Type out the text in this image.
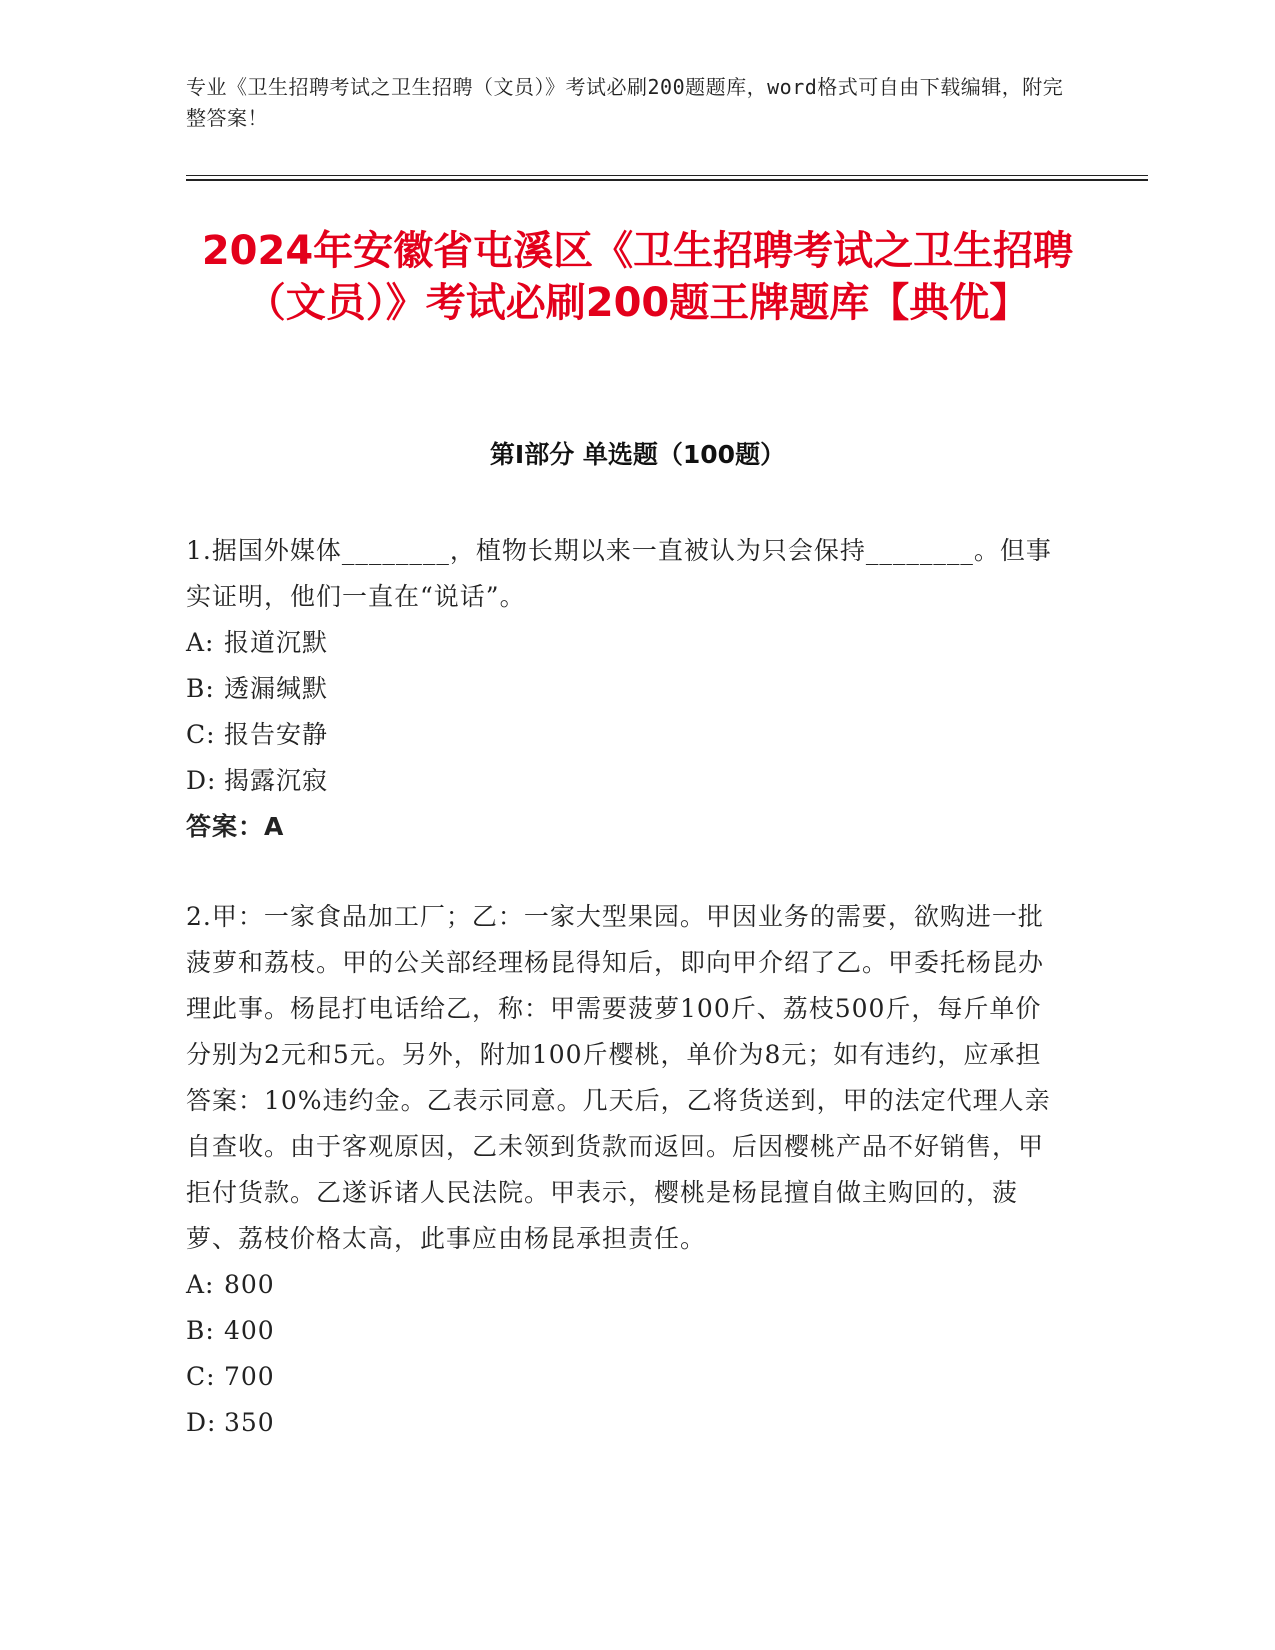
专业《卫生招聘考试之卫生招聘（文员）》考试必刷200题题库，word格式可自由下载编辑，附完整答案！
2024年安徽省屯溪区《卫生招聘考试之卫生招聘（文员）》考试必刷200题王牌题库【典优】
第Ⅰ部分 单选题（100题）

1.据国外媒体________，植物长期以来一直被认为只会保持________。但事实证明，他们一直在“说话”。

A: 报道沉默

B: 透漏缄默

C: 报告安静

D: 揭露沉寂

答案：A

2.甲：一家食品加工厂；乙：一家大型果园。甲因业务的需要，欲购进一批菠萝和荔枝。甲的公关部经理杨昆得知后，即向甲介绍了乙。甲委托杨昆办理此事。杨昆打电话给乙，称：甲需要菠萝100斤、荔枝500斤，每斤单价分别为2元和5元。另外，附加100斤樱桃，单价为8元；如有违约，应承担答案：10%违约金。乙表示同意。几天后，乙将货送到，甲的法定代理人亲自查收。由于客观原因，乙未领到货款而返回。后因樱桃产品不好销售，甲拒付货款。乙遂诉诸人民法院。甲表示，樱桃是杨昆擅自做主购回的，菠萝、荔枝价格太高，此事应由杨昆承担责任。

A: 800

B: 400

C: 700

D: 350
